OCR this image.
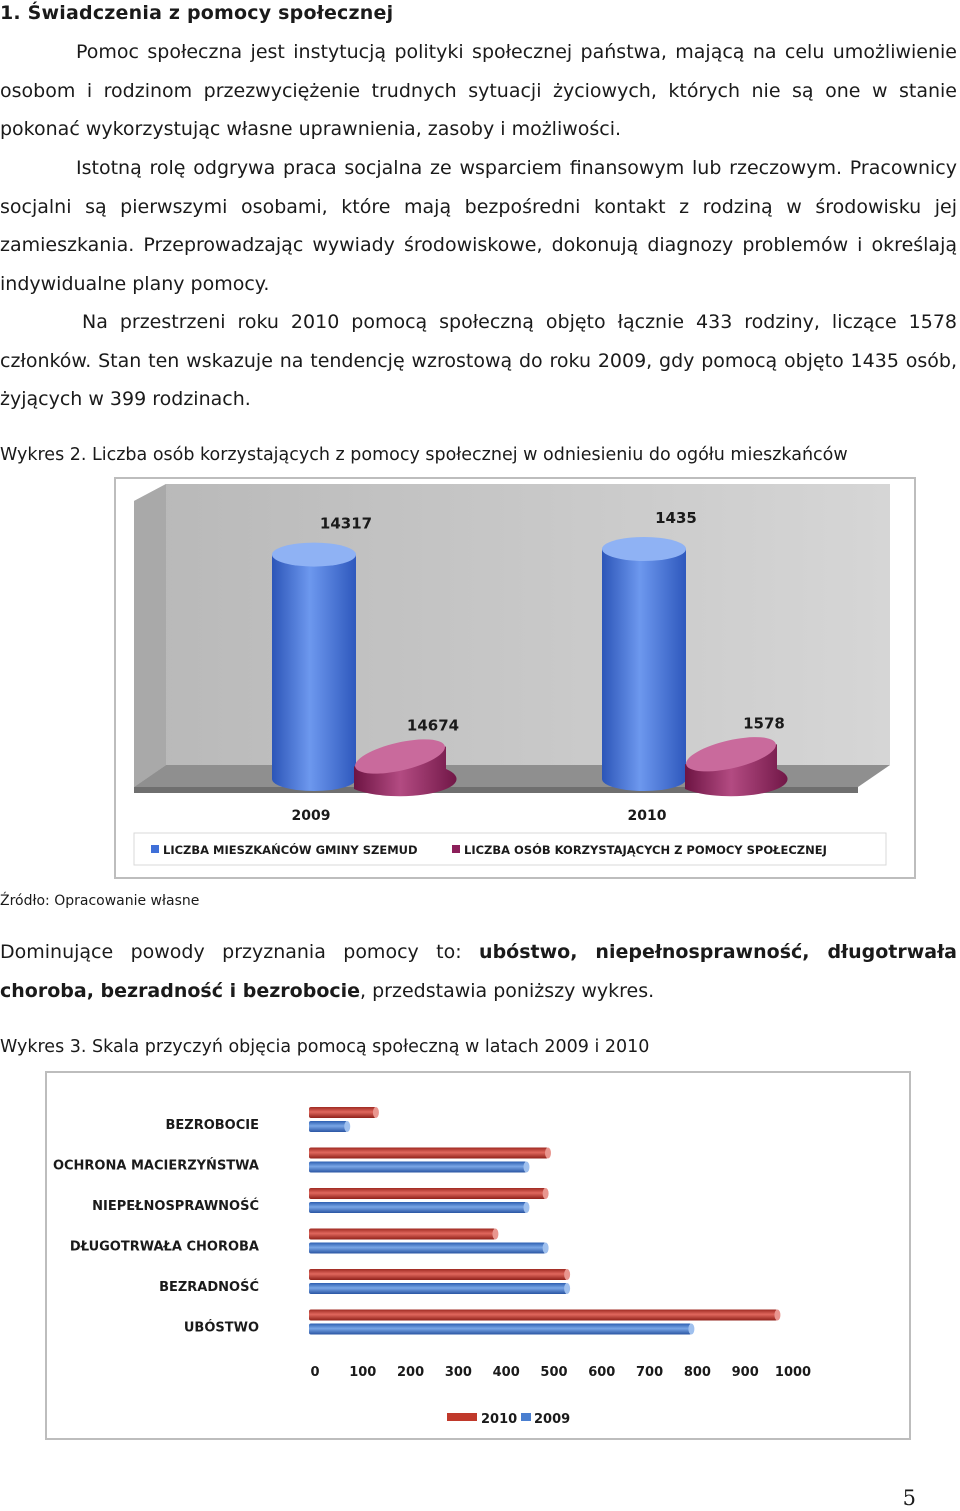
1. Świadczenia z pomocy społecznej

Pomoc społeczna jest instytucją polityki społecznej państwa, mającą na celu umożliwienie osobom i rodzinom przezwyciężenie trudnych sytuacji życiowych, których nie są one w stanie pokonać wykorzystując własne uprawnienia, zasoby i możliwości.

Istotną rolę odgrywa praca socjalna ze wsparciem finansowym lub rzeczowym. Pracownicy socjalni są pierwszymi osobami, które mają bezpośredni kontakt z rodziną w środowisku jej zamieszkania. Przeprowadzając wywiady środowiskowe, dokonują diagnozy problemów i określają indywidualne plany pomocy.

Na przestrzeni roku 2010 pomocą społeczną objęto łącznie 433 rodziny, liczące 1578 członków. Stan ten wskazuje na tendencję wzrostową do roku 2009, gdy pomocą objęto 1435 osób, żyjących w 399 rodzinach.

Wykres 2. Liczba osób korzystających z pomocy społecznej w odniesieniu do ogółu mieszkańców

14317
14674
2009
1435
1578
2010
LICZBA MIESZKAŃCÓW GMINY SZEMUD	LICZBA OSÓB KORZYSTAJĄCYCH Z POMOCY SPOŁECZNEJ

Źródło: Opracowanie własne

Dominujące powody przyznania pomocy to: ubóstwo, niepełnosprawność, długotrwała choroba, bezradność i bezrobocie, przedstawia poniższy wykres.

Wykres 3. Skala przyczyń objęcia pomocą społeczną w latach 2009 i 2010

BEZROBOCIE
OCHRONA MACIERZYŃSTWA
NIEPEŁNOSPRAWNOŚĆ
DŁUGOTRWAŁA CHOROBA
BEZRADNOŚĆ
UBÓSTWO
0 100 200 300 400 500 600 700 800 900 1000
2010 2009

5
